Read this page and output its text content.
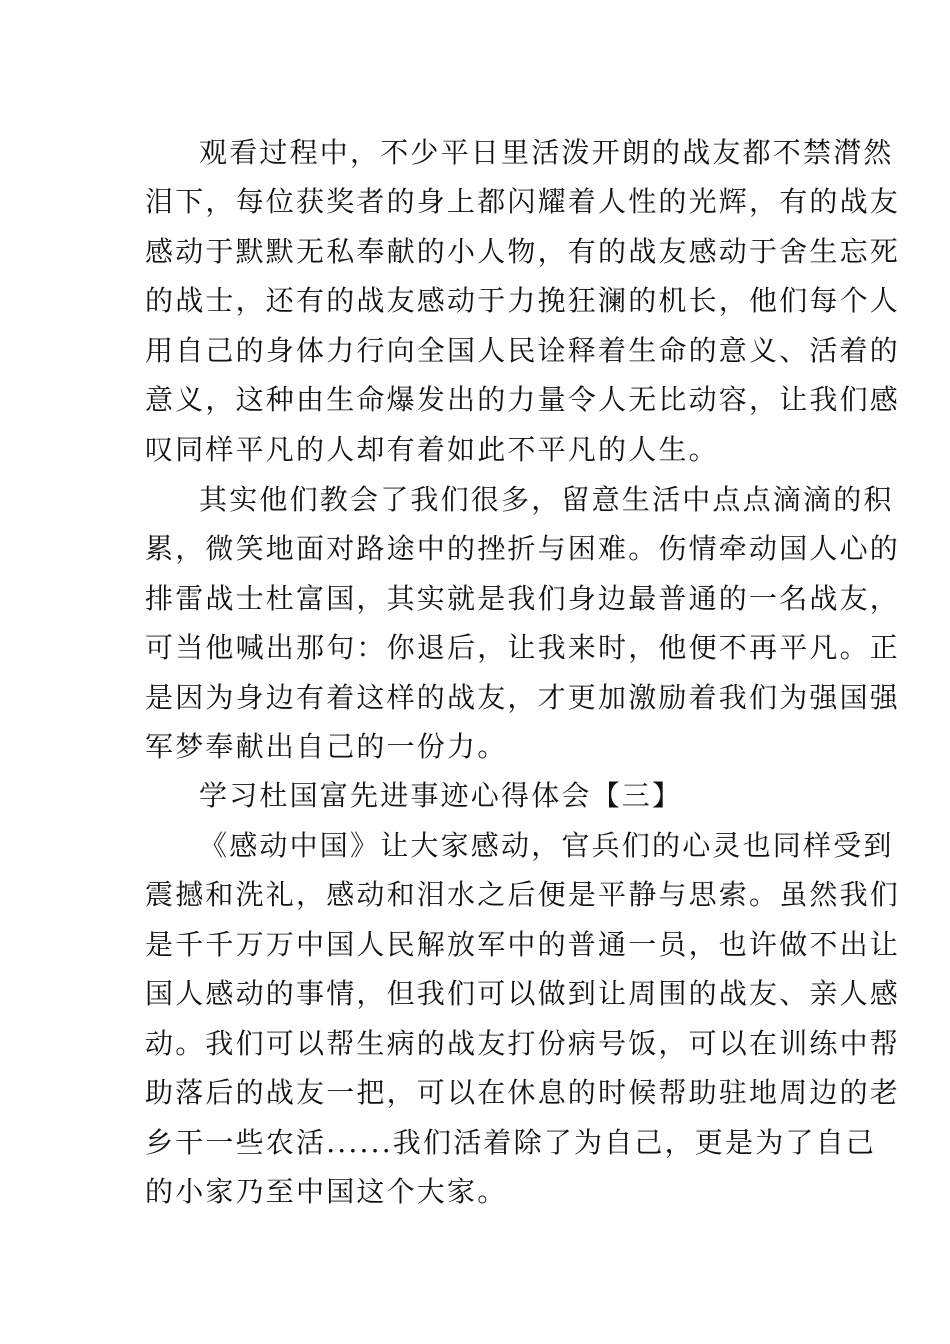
观看过程中，不少平日里活泼开朗的战友都不禁潸然
泪下，每位获奖者的身上都闪耀着人性的光辉，有的战友
感动于默默无私奉献的小人物，有的战友感动于舍生忘死
的战士，还有的战友感动于力挽狂澜的机长，他们每个人
用自己的身体力行向全国人民诠释着生命的意义、活着的
意义，这种由生命爆发出的力量令人无比动容，让我们感
叹同样平凡的人却有着如此不平凡的人生。
其实他们教会了我们很多，留意生活中点点滴滴的积
累，微笑地面对路途中的挫折与困难。伤情牵动国人心的
排雷战士杜富国，其实就是我们身边最普通的一名战友，
可当他喊出那句：你退后，让我来时，他便不再平凡。正
是因为身边有着这样的战友，才更加激励着我们为强国强
军梦奉献出自己的一份力。
学习杜国富先进事迹心得体会【三】
《感动中国》让大家感动，官兵们的心灵也同样受到
震撼和洗礼，感动和泪水之后便是平静与思索。虽然我们
是千千万万中国人民解放军中的普通一员，也许做不出让
国人感动的事情，但我们可以做到让周围的战友、亲人感
动。我们可以帮生病的战友打份病号饭，可以在训练中帮
助落后的战友一把，可以在休息的时候帮助驻地周边的老
乡干一些农活......我们活着除了为自己，更是为了自己
的小家乃至中国这个大家。
